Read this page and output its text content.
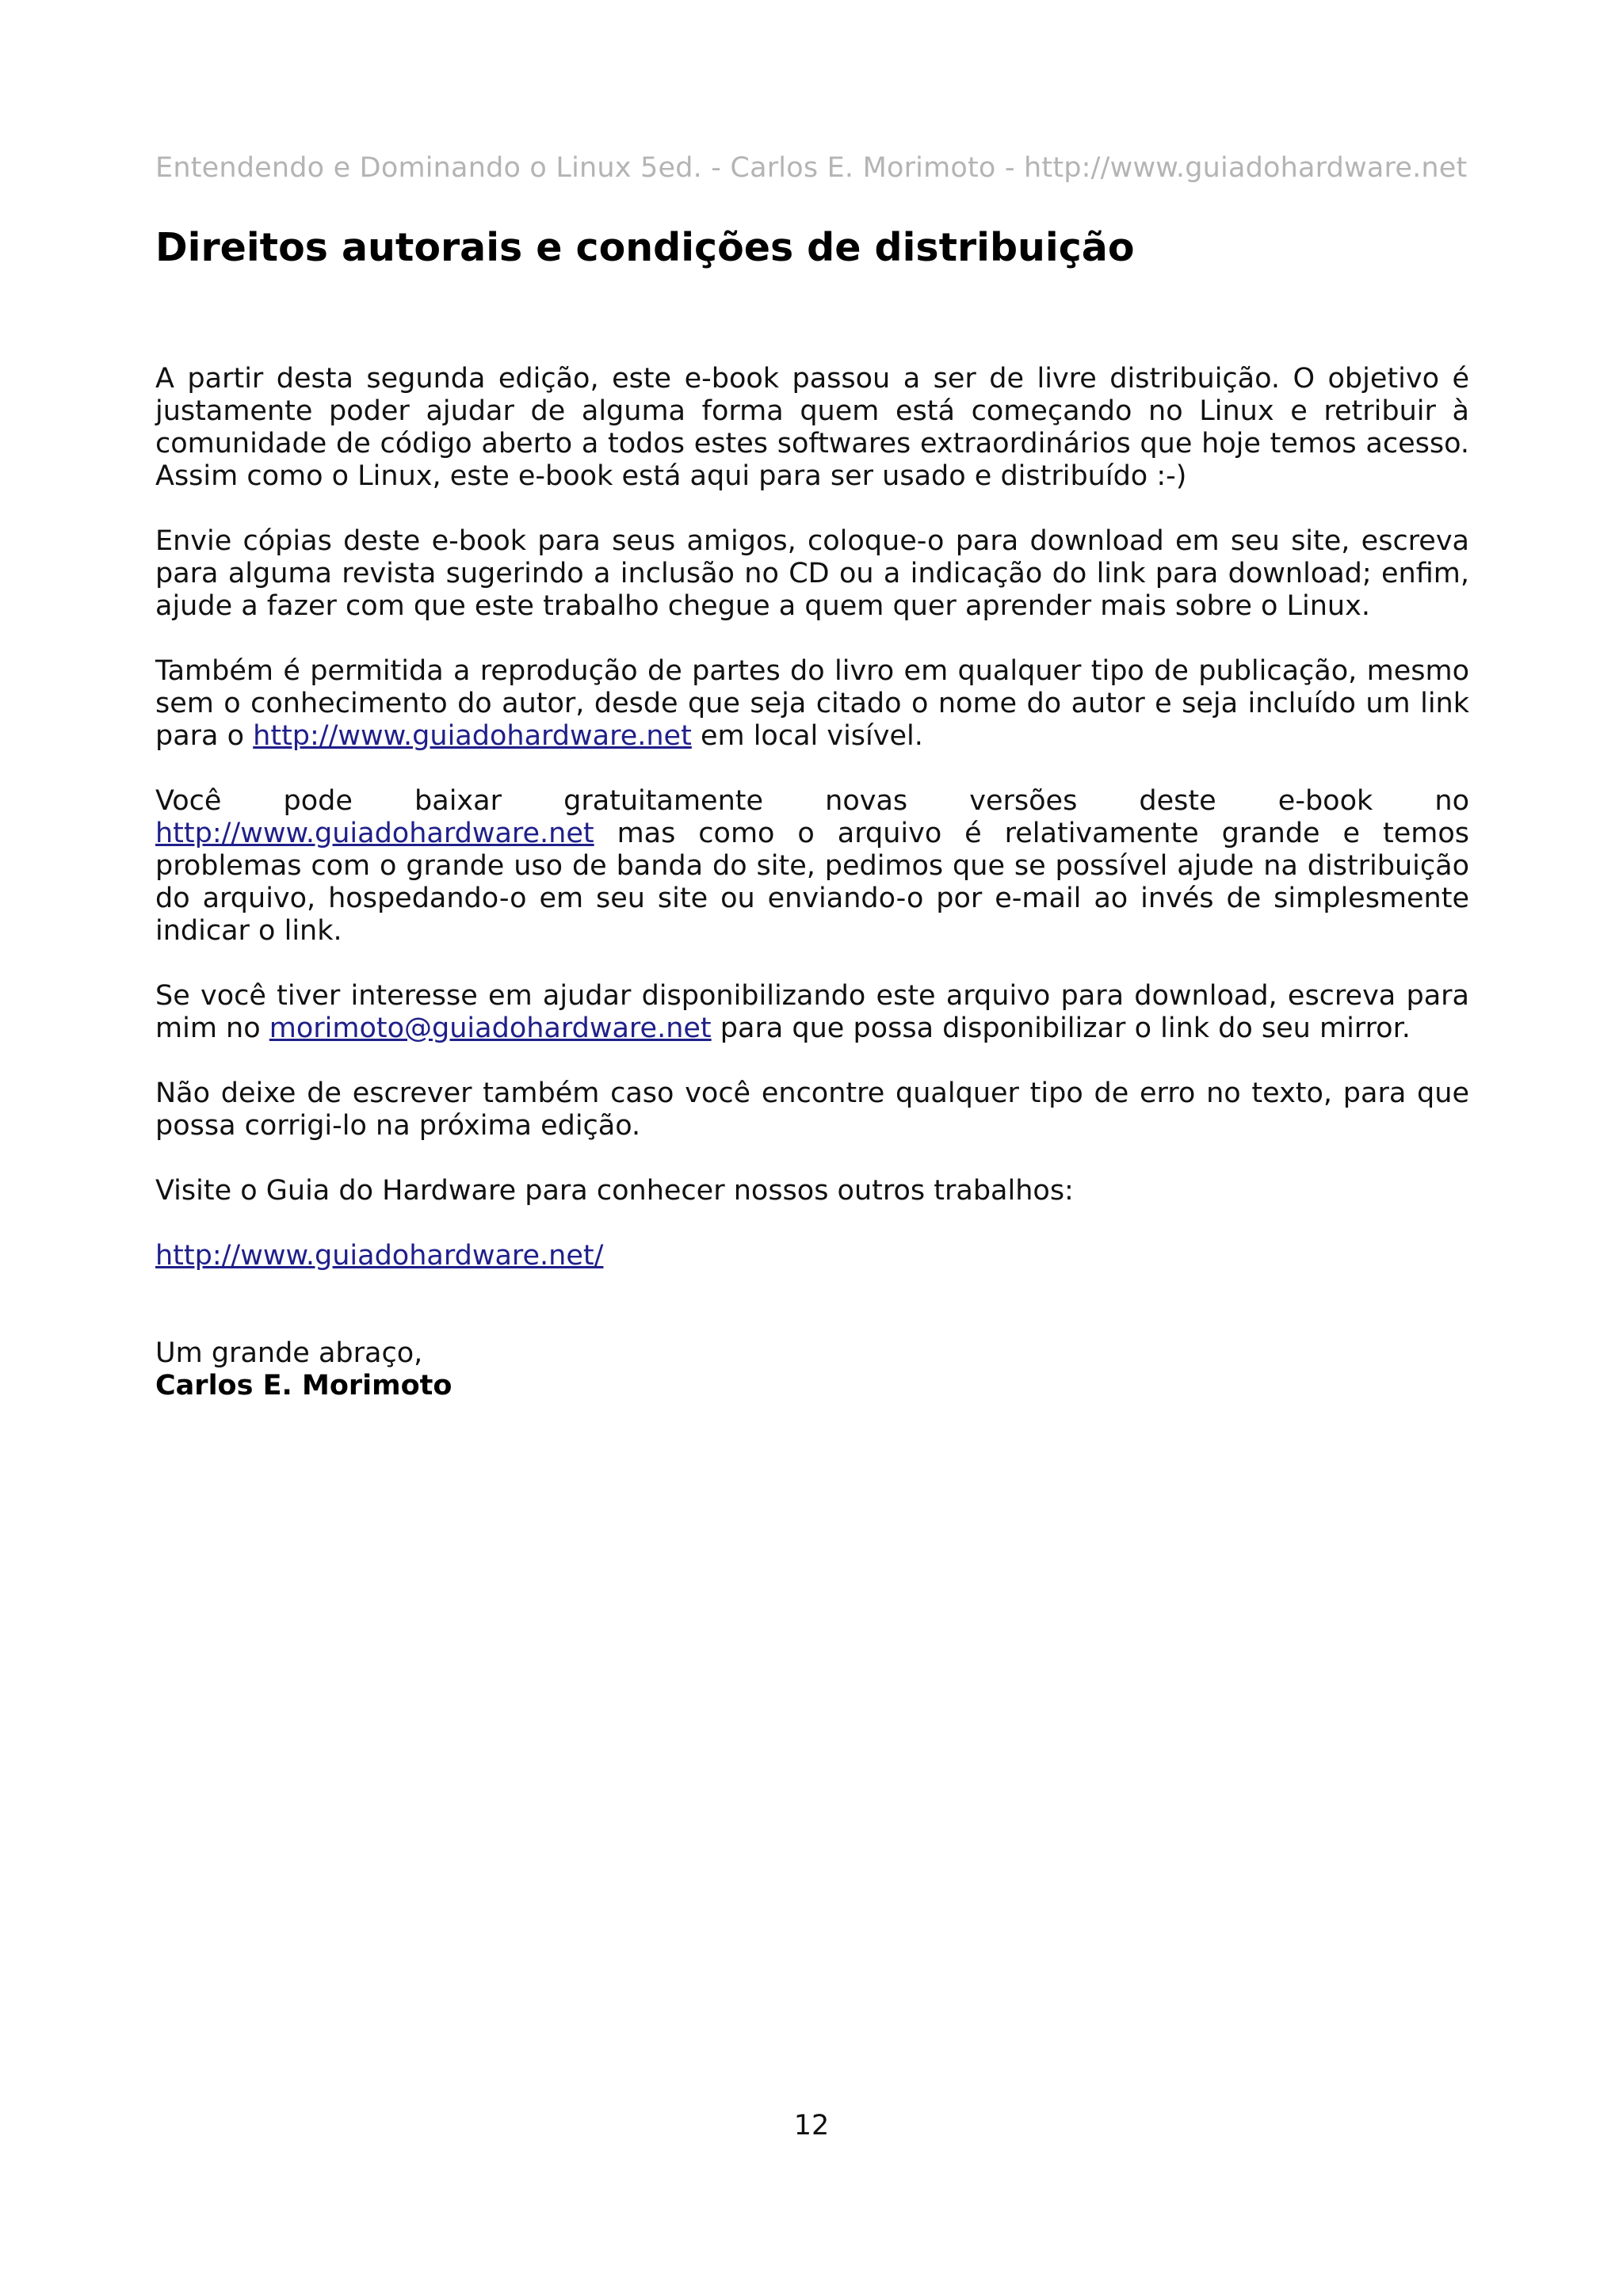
Entendendo e Dominando o Linux 5ed. - Carlos E. Morimoto - http://www.guiadohardware.net
Direitos autorais e condições de distribuição

A partir desta segunda edição, este e-book passou a ser de livre distribuição. O objetivo é justamente poder ajudar de alguma forma quem está começando no Linux e retribuir à comunidade de código aberto a todos estes softwares extraordinários que hoje temos acesso. Assim como o Linux, este e-book está aqui para ser usado e distribuído :-)

Envie cópias deste e-book para seus amigos, coloque-o para download em seu site, escreva para alguma revista sugerindo a inclusão no CD ou a indicação do link para download; enfim, ajude a fazer com que este trabalho chegue a quem quer aprender mais sobre o Linux.

Também é permitida a reprodução de partes do livro em qualquer tipo de publicação, mesmo sem o conhecimento do autor, desde que seja citado o nome do autor e seja incluído um link para o http://www.guiadohardware.net em local visível.

Você pode baixar gratuitamente novas versões deste e-book no http://www.guiadohardware.net mas como o arquivo é relativamente grande e temos problemas com o grande uso de banda do site, pedimos que se possível ajude na distribuição do arquivo, hospedando-o em seu site ou enviando-o por e-mail ao invés de simplesmente indicar o link.

Se você tiver interesse em ajudar disponibilizando este arquivo para download, escreva para mim no morimoto@guiadohardware.net para que possa disponibilizar o link do seu mirror.

Não deixe de escrever também caso você encontre qualquer tipo de erro no texto, para que possa corrigi-lo na próxima edição.

Visite o Guia do Hardware para conhecer nossos outros trabalhos:

http://www.guiadohardware.net/

Um grande abraço,
Carlos E. Morimoto
12
